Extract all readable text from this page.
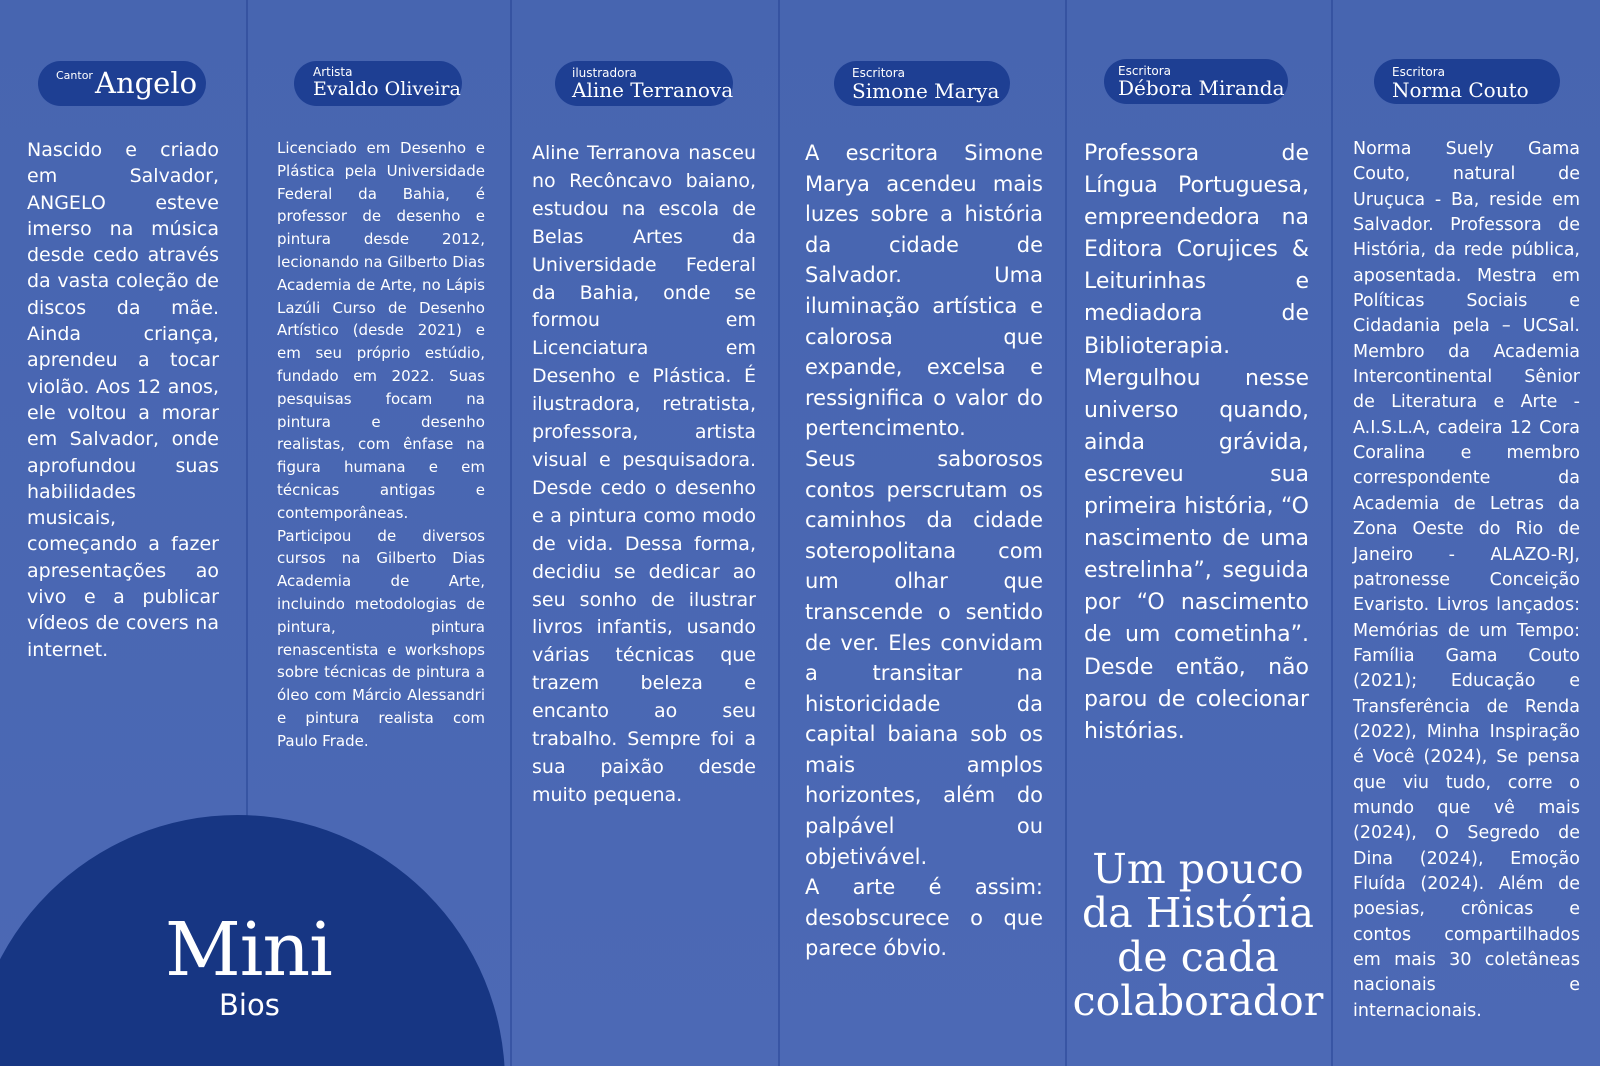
Mini
Bios
Cantor Angelo

Nascido e criado em Salvador, ANGELO esteve imerso na música desde cedo através da vasta coleção de discos da mãe. Ainda criança, aprendeu a tocar violão. Aos 12 anos, ele voltou a morar em Salvador, onde aprofundou suas habilidades musicais, começando a fazer apresentações ao vivo e a publicar vídeos de covers na internet.

Artista
Evaldo Oliveira

Licenciado em Desenho e Plástica pela Universidade Federal da Bahia, é professor de desenho e pintura desde 2012, lecionando na Gilberto Dias Academia de Arte, no Lápis Lazúli Curso de Desenho Artístico (desde 2021) e em seu próprio estúdio, fundado em 2022. Suas pesquisas focam na pintura e desenho realistas, com ênfase na figura humana e em técnicas antigas e contemporâneas.

Participou de diversos cursos na Gilberto Dias Academia de Arte, incluindo metodologias de pintura, pintura renascentista e workshops sobre técnicas de pintura a óleo com Márcio Alessandri e pintura realista com Paulo Frade.

ilustradora
Aline Terranova

Aline Terranova nasceu no Recôncavo baiano, estudou na escola de Belas Artes da Universidade Federal da Bahia, onde se formou em Licenciatura em Desenho e Plástica. É ilustradora, retratista, professora, artista visual e pesquisadora. Desde cedo o desenho e a pintura como modo de vida. Dessa forma, decidiu se dedicar ao seu sonho de ilustrar livros infantis, usando várias técnicas que trazem beleza e encanto ao seu trabalho. Sempre foi a sua paixão desde muito pequena.

Escritora
Simone Marya

A escritora Simone Marya acendeu mais luzes sobre a história da cidade de Salvador. Uma iluminação artística e calorosa que expande, excelsa e ressignifica o valor do pertencimento.

Seus saborosos contos perscrutam os caminhos da cidade soteropolitana com um olhar que transcende o sentido de ver. Eles convidam a transitar na historicidade da capital baiana sob os mais amplos horizontes, além do palpável ou objetivável.

A arte é assim: desobscurece o que parece óbvio.

Escritora
Débora Miranda

Professora de Língua Portuguesa, empreendedora na Editora Corujices & Leiturinhas e mediadora de Biblioterapia.

Mergulhou nesse universo quando, ainda grávida, escreveu sua primeira história, “O nascimento de uma estrelinha”, seguida por “O nascimento de um cometinha”. Desde então, não parou de colecionar histórias.

Um pouco da História de cada colaborador
Escritora
Norma Couto

Norma Suely Gama Couto, natural de Uruçuca - Ba, reside em Salvador. Professora de História, da rede pública, aposentada. Mestra em Políticas Sociais e Cidadania pela – UCSal. Membro da Academia Intercontinental Sênior de Literatura e Arte - A.I.S.L.A, cadeira 12 Cora Coralina e membro correspondente da Academia de Letras da Zona Oeste do Rio de Janeiro - ALAZO-RJ, patronesse Conceição Evaristo. Livros lançados: Memórias de um Tempo: Família Gama Couto (2021); Educação e Transferência de Renda (2022), Minha Inspiração é Você (2024), Se pensa que viu tudo, corre o mundo que vê mais (2024), O Segredo de Dina (2024), Emoção Fluída (2024). Além de poesias, crônicas e contos compartilhados em mais 30 coletâneas nacionais e internacionais.
